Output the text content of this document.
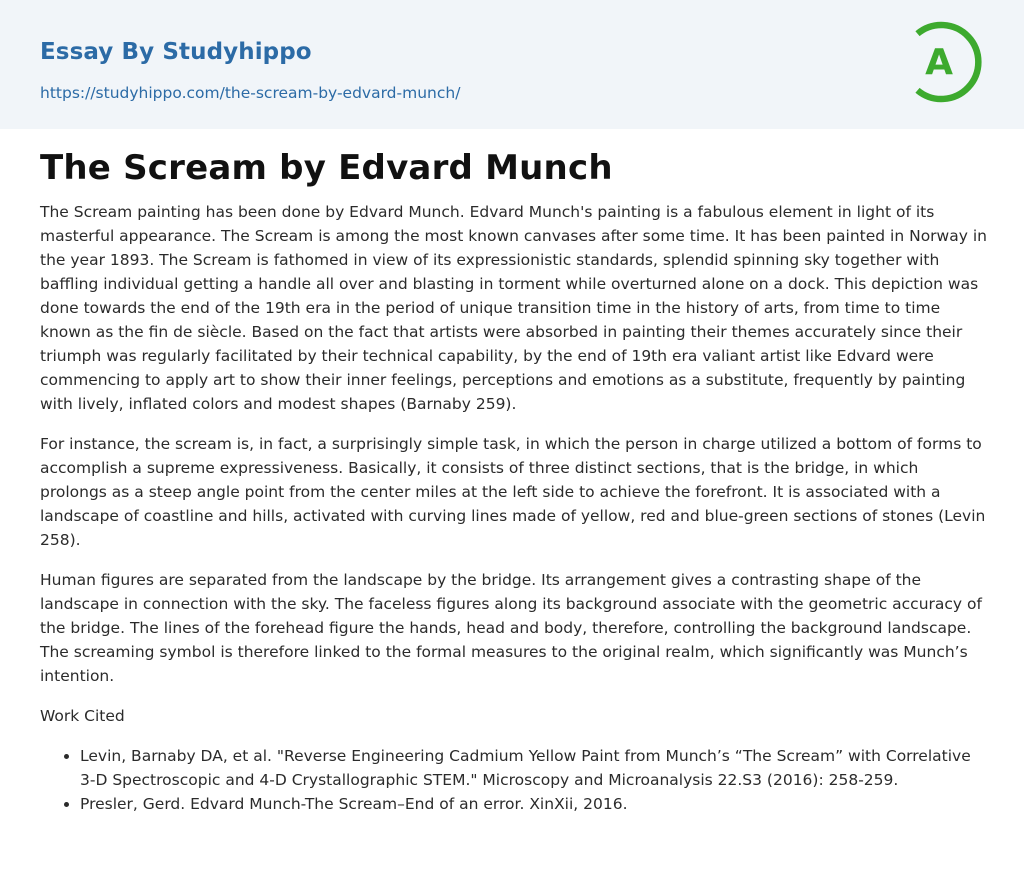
Essay By Studyhippo
https://studyhippo.com/the-scream-by-edvard-munch/
A
The Scream by Edvard Munch

The Scream painting has been done by Edvard Munch. Edvard Munch's painting is a fabulous element in light of its masterful appearance. The Scream is among the most known canvases after some time. It has been painted in Norway in the year 1893. The Scream is fathomed in view of its expressionistic standards, splendid spinning sky together with baffling individual getting a handle all over and blasting in torment while overturned alone on a dock. This depiction was done towards the end of the 19th era in the period of unique transition time in the history of arts, from time to time known as the fin de siècle. Based on the fact that artists were absorbed in painting their themes accurately since their triumph was regularly facilitated by their technical capability, by the end of 19th era valiant artist like Edvard were commencing to apply art to show their inner feelings, perceptions and emotions as a substitute, frequently by painting with lively, inflated colors and modest shapes (Barnaby 259).

For instance, the scream is, in fact, a surprisingly simple task, in which the person in charge utilized a bottom of forms to accomplish a supreme expressiveness. Basically, it consists of three distinct sections, that is the bridge, in which prolongs as a steep angle point from the center miles at the left side to achieve the forefront. It is associated with a landscape of coastline and hills, activated with curving lines made of yellow, red and blue-green sections of stones (Levin 258).

Human figures are separated from the landscape by the bridge. Its arrangement gives a contrasting shape of the landscape in connection with the sky. The faceless figures along its background associate with the geometric accuracy of the bridge. The lines of the forehead figure the hands, head and body, therefore, controlling the background landscape. The screaming symbol is therefore linked to the formal measures to the original realm, which significantly was Munch’s intention.

Work Cited

• Levin, Barnaby DA, et al. "Reverse Engineering Cadmium Yellow Paint from Munch’s “The Scream” with Correlative 3-D Spectroscopic and 4-D Crystallographic STEM." Microscopy and Microanalysis 22.S3 (2016): 258-259.
• Presler, Gerd. Edvard Munch-The Scream–End of an error. XinXii, 2016.
